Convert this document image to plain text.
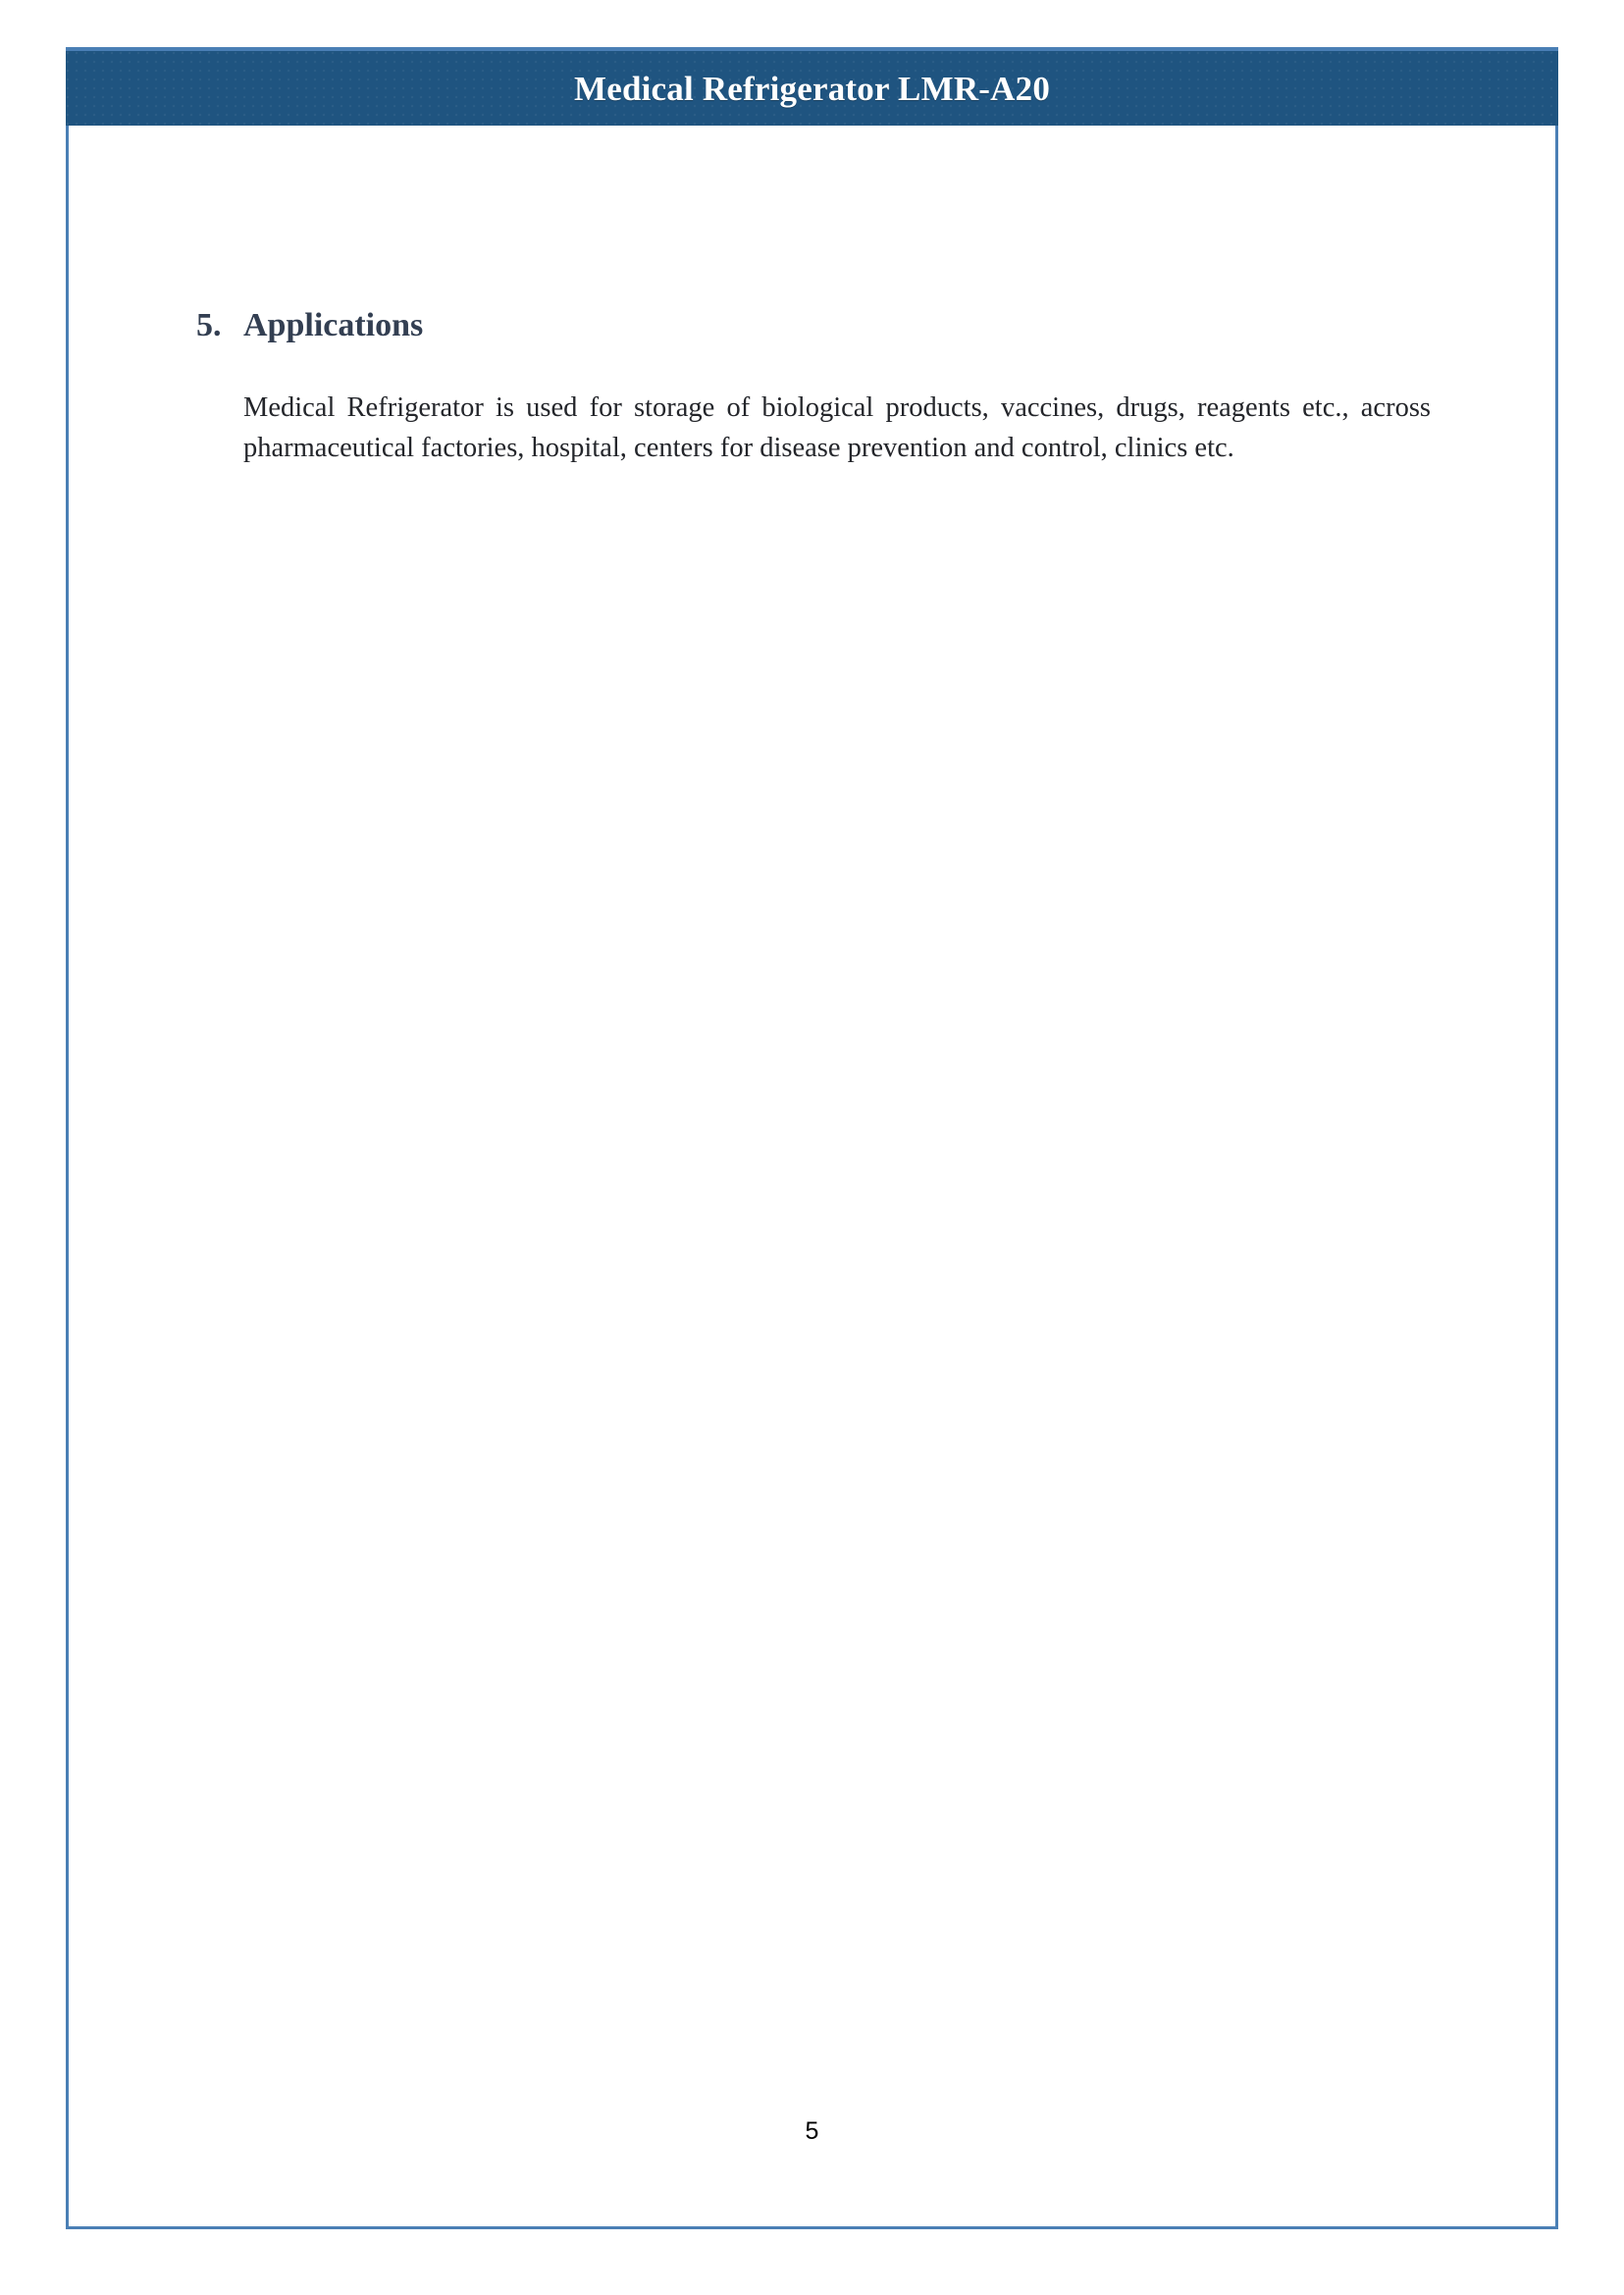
Medical Refrigerator LMR-A20
5. Applications

Medical Refrigerator is used for storage of biological products, vaccines, drugs, reagents etc., across pharmaceutical factories, hospital, centers for disease prevention and control, clinics etc.

5
